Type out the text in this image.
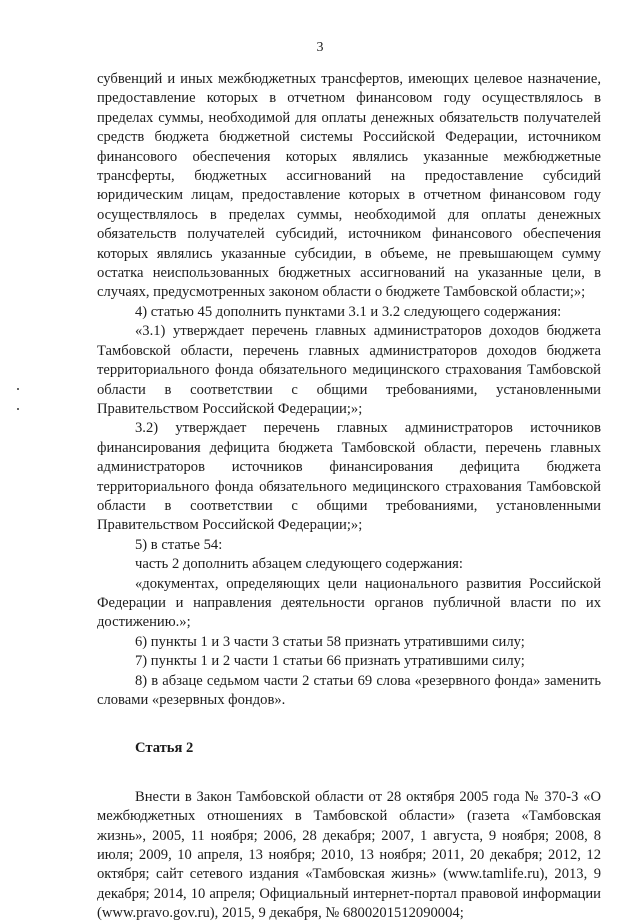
3

субвенций и иных межбюджетных трансфертов, имеющих целевое назначение, предоставление которых в отчетном финансовом году осуществлялось в пределах суммы, необходимой для оплаты денежных обязательств получателей средств бюджета бюджетной системы Российской Федерации, источником финансового обеспечения которых являлись указанные межбюджетные трансферты, бюджетных ассигнований на предоставление субсидий юридическим лицам, предоставление которых в отчетном финансовом году осуществлялось в пределах суммы, необходимой для оплаты денежных обязательств получателей субсидий, источником финансового обеспечения которых являлись указанные субсидии, в объеме, не превышающем сумму остатка неиспользованных бюджетных ассигнований на указанные цели, в случаях, предусмотренных законом области о бюджете Тамбовской области;»;

4) статью 45 дополнить пунктами 3.1 и 3.2 следующего содержания:

«3.1) утверждает перечень главных администраторов доходов бюджета Тамбовской области, перечень главных администраторов доходов бюджета территориального фонда обязательного медицинского страхования Тамбовской области в соответствии с общими требованиями, установленными Правительством Российской Федерации;»;

3.2) утверждает перечень главных администраторов источников финансирования дефицита бюджета Тамбовской области, перечень главных администраторов источников финансирования дефицита бюджета территориального фонда обязательного медицинского страхования Тамбовской области в соответствии с общими требованиями, установленными Правительством Российской Федерации;»;

5) в статье 54:

часть 2 дополнить абзацем следующего содержания:

«документах, определяющих цели национального развития Российской Федерации и направления деятельности органов публичной власти по их достижению.»;

6) пункты 1 и 3 части 3 статьи 58 признать утратившими силу;

7) пункты 1 и 2 части 1 статьи 66 признать утратившими силу;

8) в абзаце седьмом части 2 статьи 69 слова «резервного фонда» заменить словами «резервных фондов».

Статья 2

Внести в Закон Тамбовской области от 28 октября 2005 года № 370-З «О межбюджетных отношениях в Тамбовской области» (газета «Тамбовская жизнь», 2005, 11 ноября; 2006, 28 декабря; 2007, 1 августа, 9 ноября; 2008, 8 июля; 2009, 10 апреля, 13 ноября; 2010, 13 ноября; 2011, 20 декабря; 2012, 12 октября; сайт сетевого издания «Тамбовская жизнь» (www.tamlife.ru), 2013, 9 декабря; 2014, 10 апреля; Официальный интернет-портал правовой информации (www.pravo.gov.ru), 2015, 9 декабря, № 6800201512090004;
